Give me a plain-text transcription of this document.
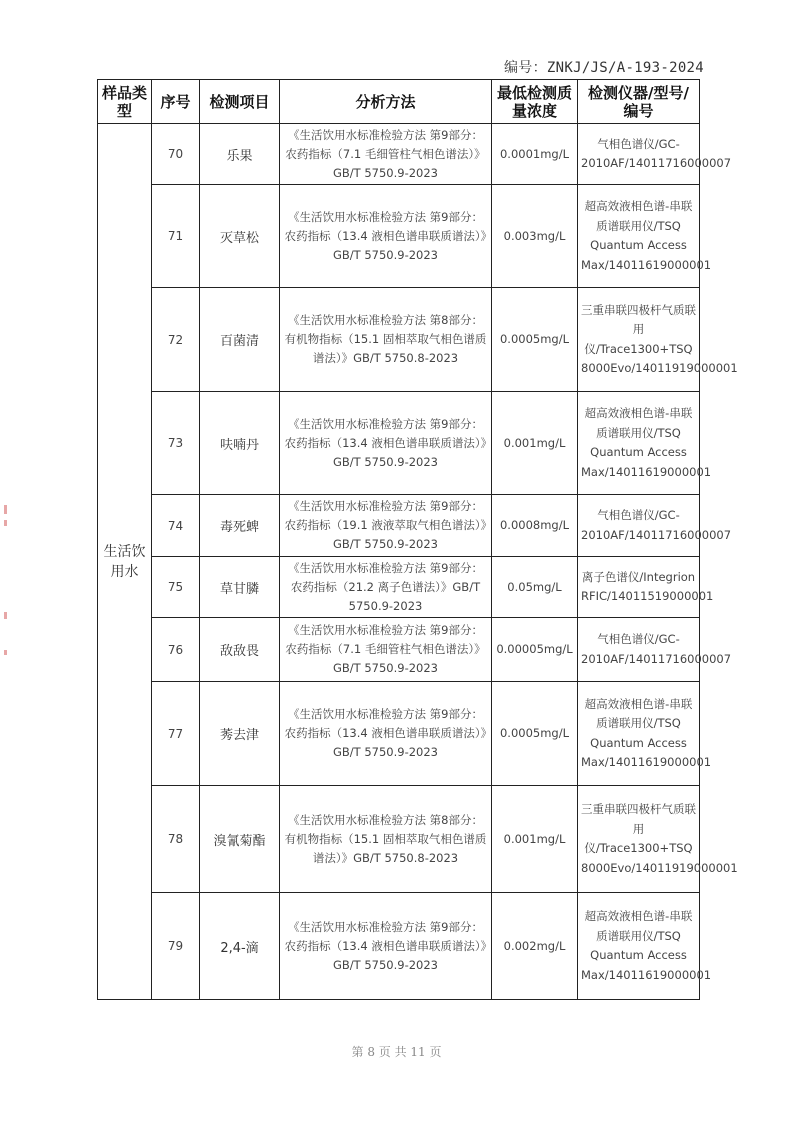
编号：ZNKJ/JS/A-193-2024
样品类型	序号	检测项目	分析方法	最低检测质量浓度	检测仪器/型号/编号
生活饮用水	70	乐果	《生活饮用水标准检验方法 第9部分：农药指标（7.1 毛细管柱气相色谱法）》GB/T 5750.9-2023	0.0001mg/L	气相色谱仪/GC-2010AF/14011716000007
	71	灭草松	《生活饮用水标准检验方法 第9部分：农药指标（13.4 液相色谱串联质谱法）》GB/T 5750.9-2023	0.003mg/L	超高效液相色谱-串联质谱联用仪/TSQ Quantum Access Max/14011619000001
	72	百菌清	《生活饮用水标准检验方法 第8部分：有机物指标（15.1 固相萃取气相色谱质谱法）》GB/T 5750.8-2023	0.0005mg/L	三重串联四极杆气质联用仪/Trace1300+TSQ 8000Evo/14011919000001
	73	呋喃丹	《生活饮用水标准检验方法 第9部分：农药指标（13.4 液相色谱串联质谱法）》GB/T 5750.9-2023	0.001mg/L	超高效液相色谱-串联质谱联用仪/TSQ Quantum Access Max/14011619000001
	74	毒死蜱	《生活饮用水标准检验方法 第9部分：农药指标（19.1 液液萃取气相色谱法）》GB/T 5750.9-2023	0.0008mg/L	气相色谱仪/GC-2010AF/14011716000007
	75	草甘膦	《生活饮用水标准检验方法 第9部分：农药指标（21.2 离子色谱法）》GB/T 5750.9-2023	0.05mg/L	离子色谱仪/Integrion RFIC/14011519000001
	76	敌敌畏	《生活饮用水标准检验方法 第9部分：农药指标（7.1 毛细管柱气相色谱法）》GB/T 5750.9-2023	0.00005mg/L	气相色谱仪/GC-2010AF/14011716000007
	77	莠去津	《生活饮用水标准检验方法 第9部分：农药指标（13.4 液相色谱串联质谱法）》GB/T 5750.9-2023	0.0005mg/L	超高效液相色谱-串联质谱联用仪/TSQ Quantum Access Max/14011619000001
	78	溴氰菊酯	《生活饮用水标准检验方法 第8部分：有机物指标（15.1 固相萃取气相色谱质谱法）》GB/T 5750.8-2023	0.001mg/L	三重串联四极杆气质联用仪/Trace1300+TSQ 8000Evo/14011919000001
	79	2,4-滴	《生活饮用水标准检验方法 第9部分：农药指标（13.4 液相色谱串联质谱法）》GB/T 5750.9-2023	0.002mg/L	超高效液相色谱-串联质谱联用仪/TSQ Quantum Access Max/14011619000001
第 8 页 共 11 页
